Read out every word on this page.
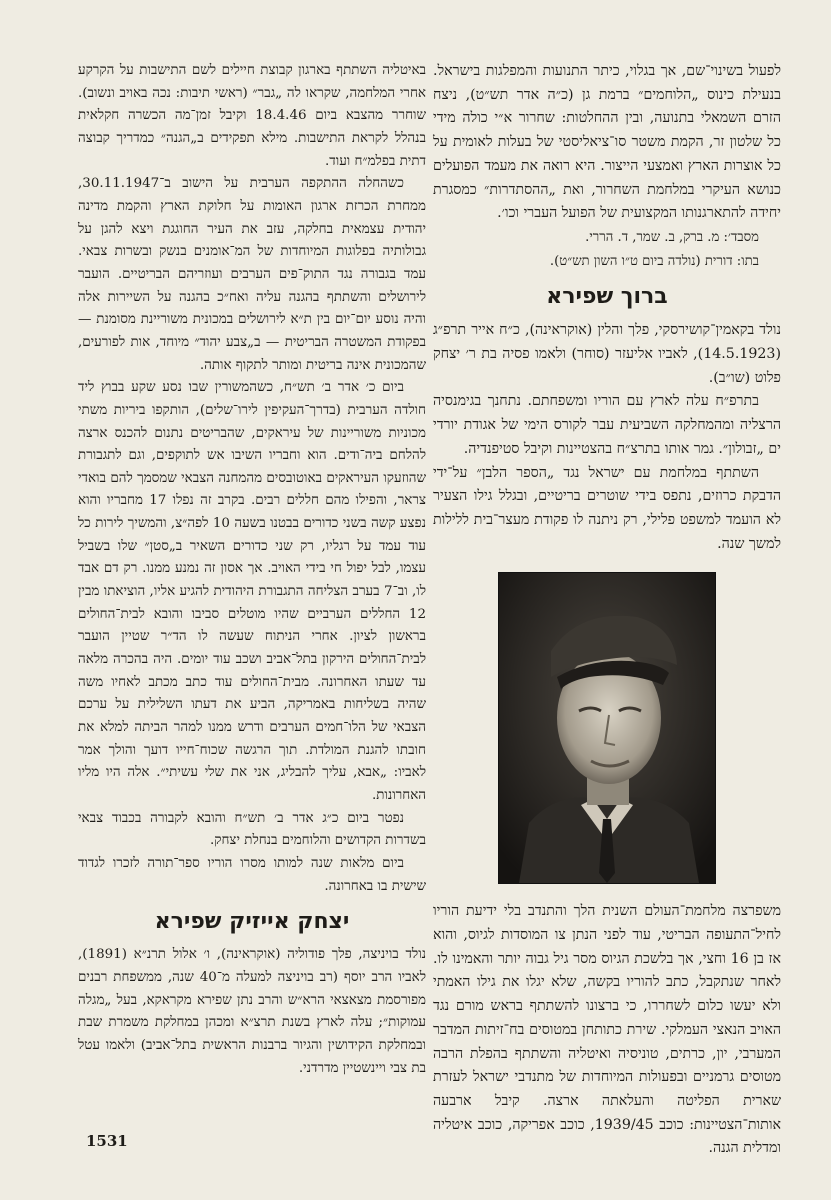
לפעול בשינוי־שם, אך בגלוי, כיתר התנועות והמפלגות בישראל. בנעילת כינוס „הלוחמים״ ברמת גן (כ״ה אדר תש״ט), ניצח הזרם השמאלי בתנועה, ובין ההחלטות: שחרור א״י כולה מידי כל שלטון זר, הקמת משטר סו־ציאליסטי של בעלות לאומית על כל אוצרות הארץ ואמצעי הייצור. היא רואה את מעמד הפועלים כנושא העיקרי במלחמת השחרור, ואת „ההסתדרות״ כמסגרת יחידה להתארגנותו המקצועית של הפועל העברי וכו׳.

מסבד׳: מ. ברק, ב. שמר, ד. הררי.

בתו: דורית (נולדה ביום ט״ו השון תש״ט).

ברוך שפירא

נולד בקאמין־קושירסקי, פלך והלין (אוקראינה), כ״ח אייר תרפ״ג (14.5.1923), לאביו אליעזר (סוחר) ולאמו פסיה בת ר׳ יצחק פלוט (שו״ב).

בתרפ״ח עלה לארץ עם הוריו ומשפחתם. נתחנך בגימנסיה הרצליה ומהמחלקה השביעית עבר לקורס הימי של אגודת יורדי ים „זבולון״. גמר אותו בתרצ״ח בהצטיינות וקיבל סטיפנדיה.

השתתף במלחמת עם ישראל נגד „הספר הלבן״ על־ידי הדבקת כרוזים, נתפס בידי שוטרים בריטיים, ובגלל גילו הצעיר לא הועמד למשפט פלילי, רק ניתנה לו פקודת מעצר־בית ללילות למשך שנה.

משפרצה מלחמת־העולם השנית הלך והתנדב בלי ידיעת הוריו לחיל־התעופה הבריטי, עוד לפני הנתן צו המוסדות לגיוס, והוא אז בן 16 וחצי, אך בלשכת הגיוס מסר גיל גבוה יותר והאמינו לו. לאחר שנתקבל, כתב להוריו בקשה, שלא יגלו את גילו האמתי ולא יעשו כלום לשחררו, כי ברצונו להשתתף בראש מורם נגד האויב הנאצי העמלקי. שירת כתותחן במטוסים בח־זיתות המדבר המערבי, יון, כרתים, טוניסיה ואיטליה והשתתף בהפלת הרבה מטוסים גרמניים ובפעולות המיוחדות של מתנדבי ישראל לעזרת שארית הפליטה והעלאתה ארצה. קיבל ארבעה אותות־הצטיינות: כוכב 1939/45, כוכב אפריקה, כוכב איטליה ומדלית הגנה.

באיטליה השתתף בארגון קבוצת חיילים לשם התישבות על הקרקע אחרי המלחמה, שקראו לה „גבר״ (ראשי תיבות: נכה באויב ונשוב). שוחרר מהצבא ביום 18.4.46 וקיבל זמן־מה הכשרה חקלאית בנהלל לקראת התישבות. מילא תפקידים ב„הגנה״ כמדריך קבוצה דתית בפלמ״ח ועוד.

כשהחלה ההתקפה הערבית על הישוב ב־30.11.1947, ממחרת הכרזת ארגון האומות על חלוקת הארץ והקמת מדינה יהודית עצמאית בחלקה, עזב את העיר החוגגת ויצא להגן על גבולותיה בפלוגות המיוחדות של המ־אומנים בנשק ובשרות צבאי. עמד בגבורה נגד התוק־פים הערבים ועוזריהם הבריטיים. הועבר לירושלים והשתתף בהגנה עליה ואח״כ בהגנה על השיירות אלה והיה נוסע יום־יום בין ת״א לירושלים במכונית משוריינת מסומנת — בפקודת המשטרה הבריטית — ב„צבע יהוד״ מיוחד, אות לפורעים, שהמכונית אינה בריטית ומותר לתקוף אותה.

ביום כ׳ אדר ב׳ תש״ח, כשהמשורין שבו נסע שקע בבוץ ליד חולדה הערבית (בדרך־העקיפין לירו־שלים), הותקפו ביריות משתי מכוניות משוריינות של עיראקים, שהבריטים נתנום להכנס ארצה להלחם ביה־ודים. הוא וחבריו השיבו אש לתוקפים, וגם לתגבורת שהוזעקו העיראקים באוטובסים מהמחנה הצבאי שמסמך להם בואדי צראר, והפילו מהם חללים רבים. בקרב זה נפלו 17 מחבריו והוא נפצע קשה בשני כדורים בבטנו בשעה 10 לפה״צ, והמשיך לירות כל עוד עמד על רגליו, רק שני כדורים השאיר ב„סטן״ שלו בשביל עצמו, לבל יפול חי בידי האויב. אך אסון זה נמנע ממנו. רק דם אבד לו, וב־7 בערב הצליחה התגבורת היהודית להגיע אליו, הוציאתו מבין 12 החללים הערביים שהיו מוטלים סביבו והובא לבית־החולים בראשון לציון. אחרי הניתוח שעשה לו הד״ר שטיין הועבר לבית־החולים הירקון בתל־אביב ושכב עוד יומים. היה בהכרה מלאה עד שעתו האחרונה. מבית־החולים עוד כתב מכתב לאחיו משה שהיה בשליחות באמריקה, הביע את דעתו השלילית על ערכם הצבאי של הלו־חמים הערבים ודרש ממנו למהר הביתה למלא את חובתו להגנת המולדת. תוך הרגשה שכוח־חייו דועך והולך אמר לאביו: „אבא, עליך להבליג, אני את שלי עשיתי״. אלה היו מליו האחרונות.

נפטר ביום כ״ג אדר ב׳ תש״ח והובא לקבורה בכבוד צבאי בשדרות הקדושים והלוחמים בנחלת יצחק.

ביום מלאות שנה למותו מסרו הוריו ספר־תורה לזכרו לגדוד שישית בו באחרונה.

יצחק אייזיק שפירא

נולד בויניצה, פלך פודוליה (אוקראינה), ו׳ אלול תרנ״א (1891), לאביו הרב יוסף (רב בויניצה למעלה מ־40 שנה, ממשפחת רבנים מפורסמת מצאצאי הרא״ש והרב נתן שפירא מקראקא, בעל „מגלה עמוקות״; עלה לארץ בשנת תרצ״א ומכהן במחלקת משמרת שבת ובמחלקת הקידושין והגיור ברבנות הראשית בתל־אביב) ולאמו עטל בת צבי ויינשטיין מדרדני.

1531
